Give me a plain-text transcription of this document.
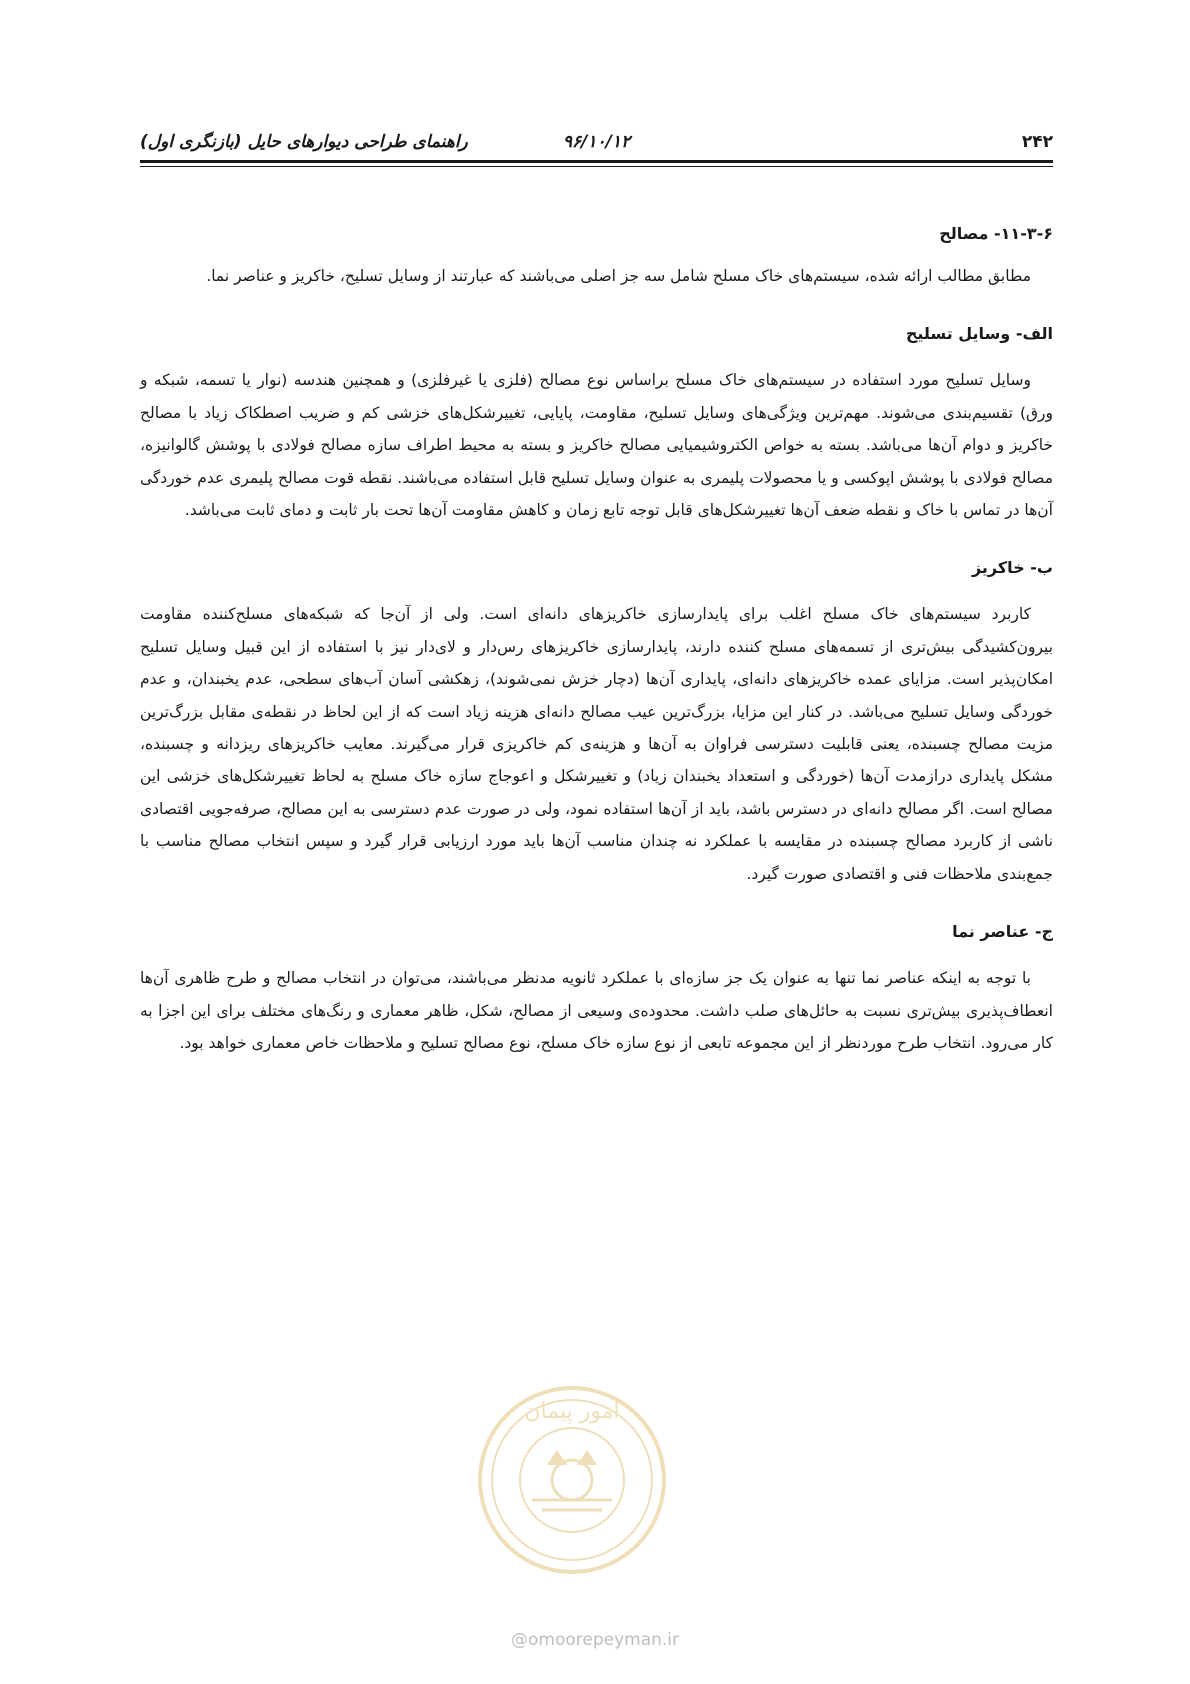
۲۴۲
۹۶/۱۰/۱۲
راهنمای طراحی دیوارهای حایل (بازنگری اول)
۱۱-۳-۶- مصالح

مطابق مطالب ارائه شده، سیستم‌های خاک مسلح شامل سه جز اصلی می‌باشند که عبارتند از وسایل تسلیح، خاکریز و عناصر نما.

الف- وسایل تسلیح

وسایل تسلیح مورد استفاده در سیستم‌های خاک مسلح براساس نوع مصالح (فلزی یا غیرفلزی) و همچنین هندسه (نوار یا تسمه، شبکه و ورق) تقسیم‌بندی می‌شوند. مهم‌ترین ویژگی‌های وسایل تسلیح، مقاومت، پایایی، تغییرشکل‌های خزشی کم و ضریب اصطکاک زیاد با مصالح خاکریز و دوام آن‌ها می‌باشد. بسته به خواص الکتروشیمیایی مصالح خاکریز و بسته به محیط اطراف سازه مصالح فولادی با پوشش گالوانیزه، مصالح فولادی با پوشش اپوکسی و یا محصولات پلیمری به عنوان وسایل تسلیح قابل استفاده می‌باشند. نقطه قوت مصالح پلیمری عدم خوردگی آن‌ها در تماس با خاک و نقطه ضعف آن‌ها تغییرشکل‌های قابل توجه تابع زمان و کاهش مقاومت آن‌ها تحت بار ثابت و دمای ثابت می‌باشد.

ب- خاکریز

کاربرد سیستم‌های خاک مسلح اغلب برای پایدارسازی خاکریزهای دانه‌ای است. ولی از آن‌جا که شبکه‌های مسلح‌کننده مقاومت بیرون‌کشیدگی بیش‌تری از تسمه‌های مسلح کننده دارند، پایدارسازی خاکریزهای رس‌دار و لای‌دار نیز با استفاده از این قبیل وسایل تسلیح امکان‌پذیر است. مزایای عمده خاکریزهای دانه‌ای، پایداری آن‌ها (دچار خزش نمی‌شوند)، زهکشی آسان آب‌های سطحی، عدم یخبندان، و عدم خوردگی وسایل تسلیح می‌باشد. در کنار این مزایا، بزرگ‌ترین عیب مصالح دانه‌ای هزینه زیاد است که از این لحاظ در نقطه‌ی مقابل بزرگ‌ترین مزیت مصالح چسبنده، یعنی قابلیت دسترسی فراوان به آن‌ها و هزینه‌ی کم خاکریزی قرار می‌گیرند. معایب خاکریزهای ریزدانه و چسبنده، مشکل پایداری درازمدت آن‌ها (خوردگی و استعداد یخبندان زیاد) و تغییرشکل و اعوجاج سازه خاک مسلح به لحاظ تغییرشکل‌های خزشی این مصالح است. اگر مصالح دانه‌ای در دسترس باشد، باید از آن‌ها استفاده نمود، ولی در صورت عدم دسترسی به این مصالح، صرفه‌جویی اقتصادی ناشی از کاربرد مصالح چسبنده در مقایسه با عملکرد نه چندان مناسب آن‌ها باید مورد ارزیابی قرار گیرد و سپس انتخاب مصالح مناسب با جمع‌بندی ملاحظات فنی و اقتصادی صورت گیرد.

ج- عناصر نما

با توجه به اینکه عناصر نما تنها به عنوان یک جز سازه‌ای با عملکرد ثانویه مدنظر می‌باشند، می‌توان در انتخاب مصالح و طرح ظاهری آن‌ها انعطاف‌پذیری بیش‌تری نسبت به حائل‌های صلب داشت. محدوده‌ی وسیعی از مصالح، شکل، ظاهر معماری و رنگ‌های مختلف برای این اجزا به کار می‌رود. انتخاب طرح موردنظر از این مجموعه تابعی از نوع سازه خاک مسلح، نوع مصالح تسلیح و ملاحظات خاص معماری خواهد بود.

امور پیمان
@omoorepeyman.ir
